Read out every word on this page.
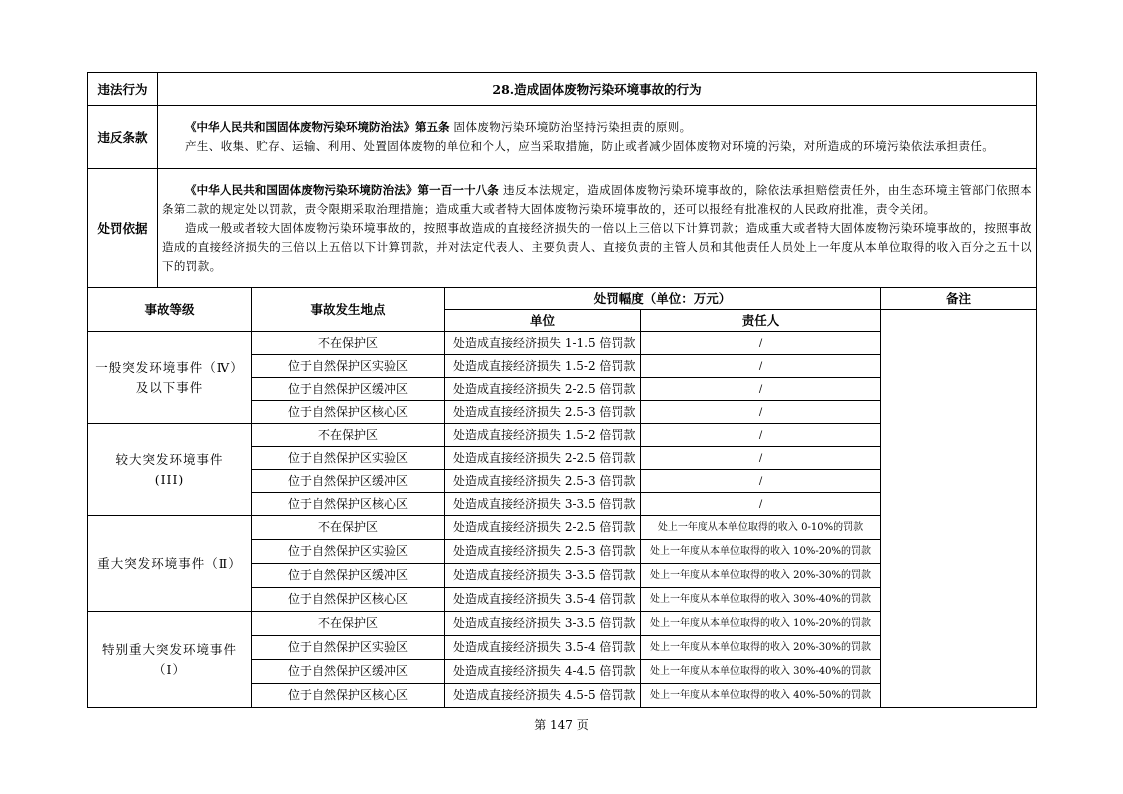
违法行为	28.造成固体废物污染环境事故的行为				
违反条款	《中华人民共和国固体废物污染环境防治法》第五条 固体废物污染环境防治坚持污染担责的原则。
产生、收集、贮存、运输、利用、处置固体废物的单位和个人，应当采取措施，防止或者减少固体废物对环境的污染，对所造成的环境污染依法承担责任。				

处罚依据	《中华人民共和国固体废物污染环境防治法》第一百一十八条 违反本法规定，造成固体废物污染环境事故的，除依法承担赔偿责任外，由生态环境主管部门依照本条第二款的规定处以罚款，责令限期采取治理措施；造成重大或者特大固体废物污染环境事故的，还可以报经有批准权的人民政府批准，责令关闭。
造成一般或者较大固体废物污染环境事故的，按照事故造成的直接经济损失的一倍以上三倍以下计算罚款；造成重大或者特大固体废物污染环境事故的，按照事故造成的直接经济损失的三倍以上五倍以下计算罚款，并对法定代表人、主要负责人、直接负责的主管人员和其他责任人员处上一年度从本单位取得的收入百分之五十以下的罚款。				

事故等级		事故发生地点	处罚幅度（单位：万元）		备注
			单位	责任人	

一般突发环境事件（Ⅳ）
及以下事件		不在保护区	处造成直接经济损失 1-1.5 倍罚款	/	
		位于自然保护区实验区	处造成直接经济损失 1.5-2 倍罚款	/	
		位于自然保护区缓冲区	处造成直接经济损失 2-2.5 倍罚款	/	
		位于自然保护区核心区	处造成直接经济损失 2.5-3 倍罚款	/	

较大突发环境事件
(III)		不在保护区	处造成直接经济损失 1.5-2 倍罚款	/	
		位于自然保护区实验区	处造成直接经济损失 2-2.5 倍罚款	/	
		位于自然保护区缓冲区	处造成直接经济损失 2.5-3 倍罚款	/	
		位于自然保护区核心区	处造成直接经济损失 3-3.5 倍罚款	/	

重大突发环境事件（Ⅱ）		不在保护区	处造成直接经济损失 2-2.5 倍罚款	处上一年度从本单位取得的收入 0-10%的罚款	
		位于自然保护区实验区	处造成直接经济损失 2.5-3 倍罚款	处上一年度从本单位取得的收入 10%-20%的罚款	
		位于自然保护区缓冲区	处造成直接经济损失 3-3.5 倍罚款	处上一年度从本单位取得的收入 20%-30%的罚款	
		位于自然保护区核心区	处造成直接经济损失 3.5-4 倍罚款	处上一年度从本单位取得的收入 30%-40%的罚款	

特别重大突发环境事件
（Ⅰ）		不在保护区	处造成直接经济损失 3-3.5 倍罚款	处上一年度从本单位取得的收入 10%-20%的罚款	
		位于自然保护区实验区	处造成直接经济损失 3.5-4 倍罚款	处上一年度从本单位取得的收入 20%-30%的罚款	
		位于自然保护区缓冲区	处造成直接经济损失 4-4.5 倍罚款	处上一年度从本单位取得的收入 30%-40%的罚款	
		位于自然保护区核心区	处造成直接经济损失 4.5-5 倍罚款	处上一年度从本单位取得的收入 40%-50%的罚款	
第 147 页
